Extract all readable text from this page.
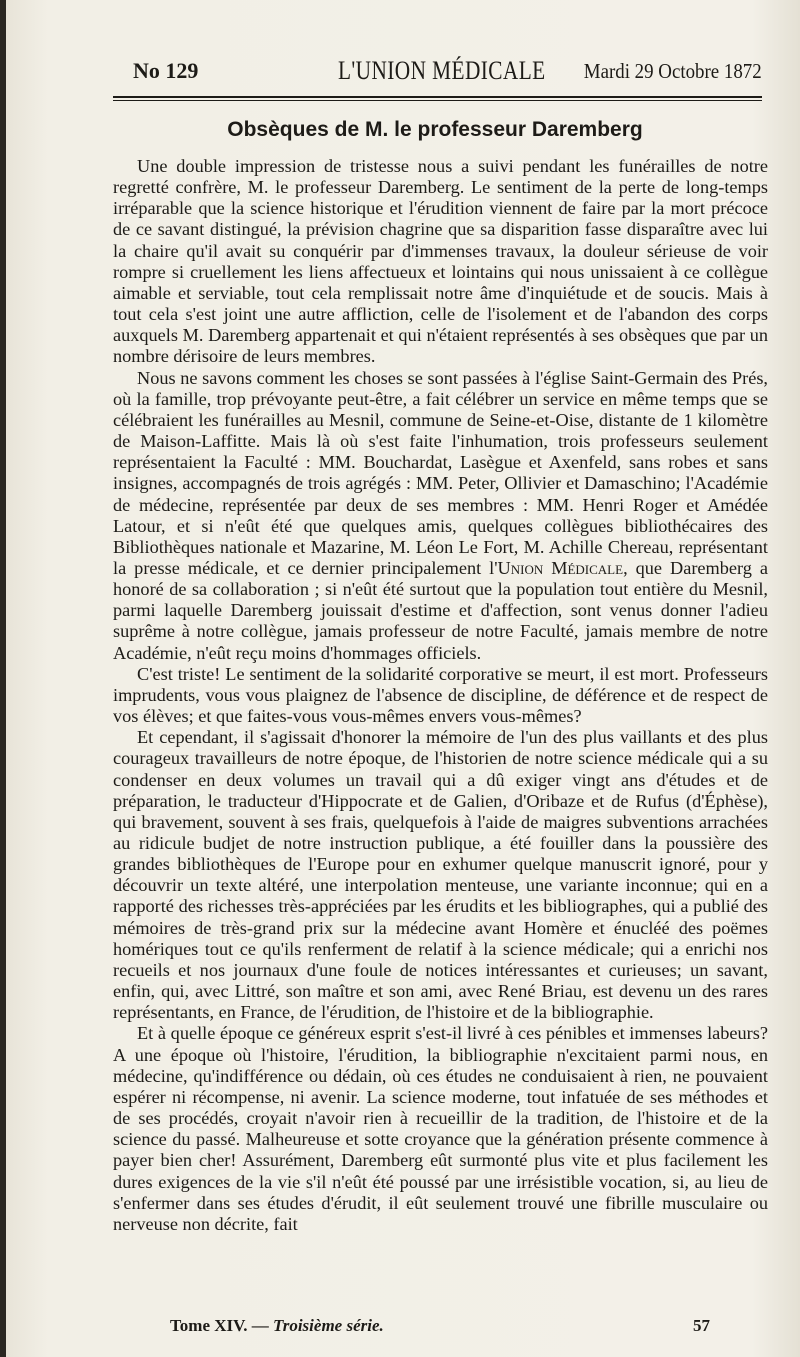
No 129	L'UNION MÉDICALE Mardi 29 Octobre 1872
Obsèques de M. le professeur Daremberg

Une double impression de tristesse nous a suivi pendant les funérailles de notre regretté confrère, M. le professeur Daremberg. Le sentiment de la perte de long-temps irréparable que la science historique et l'érudition viennent de faire par la mort précoce de ce savant distingué, la prévision chagrine que sa disparition fasse disparaître avec lui la chaire qu'il avait su conquérir par d'immenses travaux, la douleur sérieuse de voir rompre si cruellement les liens affectueux et lointains qui nous unissaient à ce collègue aimable et serviable, tout cela remplissait notre âme d'inquiétude et de soucis. Mais à tout cela s'est joint une autre affliction, celle de l'isolement et de l'abandon des corps auxquels M. Daremberg appartenait et qui n'étaient représentés à ses obsèques que par un nombre dérisoire de leurs membres.

Nous ne savons comment les choses se sont passées à l'église Saint-Germain des Prés, où la famille, trop prévoyante peut-être, a fait célébrer un service en même temps que se célébraient les funérailles au Mesnil, commune de Seine-et-Oise, distante de 1 kilomètre de Maison-Laffitte. Mais là où s'est faite l'inhumation, trois professeurs seulement représentaient la Faculté : MM. Bouchardat, Lasègue et Axenfeld, sans robes et sans insignes, accompagnés de trois agrégés : MM. Peter, Ollivier et Damaschino; l'Académie de médecine, représentée par deux de ses membres : MM. Henri Roger et Amédée Latour, et si n'eût été que quelques amis, quelques collègues bibliothécaires des Bibliothèques nationale et Mazarine, M. Léon Le Fort, M. Achille Chereau, représentant la presse médicale, et ce dernier principalement l'Union Médicale, que Daremberg a honoré de sa collaboration ; si n'eût été surtout que la population tout entière du Mesnil, parmi laquelle Daremberg jouissait d'estime et d'affection, sont venus donner l'adieu suprême à notre collègue, jamais professeur de notre Faculté, jamais membre de notre Académie, n'eût reçu moins d'hommages officiels.

C'est triste! Le sentiment de la solidarité corporative se meurt, il est mort. Professeurs imprudents, vous vous plaignez de l'absence de discipline, de déférence et de respect de vos élèves; et que faites-vous vous-mêmes envers vous-mêmes?

Et cependant, il s'agissait d'honorer la mémoire de l'un des plus vaillants et des plus courageux travailleurs de notre époque, de l'historien de notre science médicale qui a su condenser en deux volumes un travail qui a dû exiger vingt ans d'études et de préparation, le traducteur d'Hippocrate et de Galien, d'Oribaze et de Rufus (d'Éphèse), qui bravement, souvent à ses frais, quelquefois à l'aide de maigres subventions arrachées au ridicule budjet de notre instruction publique, a été fouiller dans la poussière des grandes bibliothèques de l'Europe pour en exhumer quelque manuscrit ignoré, pour y découvrir un texte altéré, une interpolation menteuse, une variante inconnue; qui en a rapporté des richesses très-appréciées par les érudits et les bibliographes, qui a publié des mémoires de très-grand prix sur la médecine avant Homère et énucléé des poëmes homériques tout ce qu'ils renferment de relatif à la science médicale; qui a enrichi nos recueils et nos journaux d'une foule de notices intéressantes et curieuses; un savant, enfin, qui, avec Littré, son maître et son ami, avec René Briau, est devenu un des rares représentants, en France, de l'érudition, de l'histoire et de la bibliographie.

Et à quelle époque ce généreux esprit s'est-il livré à ces pénibles et immenses labeurs? A une époque où l'histoire, l'érudition, la bibliographie n'excitaient parmi nous, en médecine, qu'indifférence ou dédain, où ces études ne conduisaient à rien, ne pouvaient espérer ni récompense, ni avenir. La science moderne, tout infatuée de ses méthodes et de ses procédés, croyait n'avoir rien à recueillir de la tradition, de l'histoire et de la science du passé. Malheureuse et sotte croyance que la génération présente commence à payer bien cher! Assurément, Daremberg eût surmonté plus vite et plus facilement les dures exigences de la vie s'il n'eût été poussé par une irrésistible vocation, si, au lieu de s'enfermer dans ses études d'érudit, il eût seulement trouvé une fibrille musculaire ou nerveuse non décrite, fait

Tome XIV. — Troisième série.	57
